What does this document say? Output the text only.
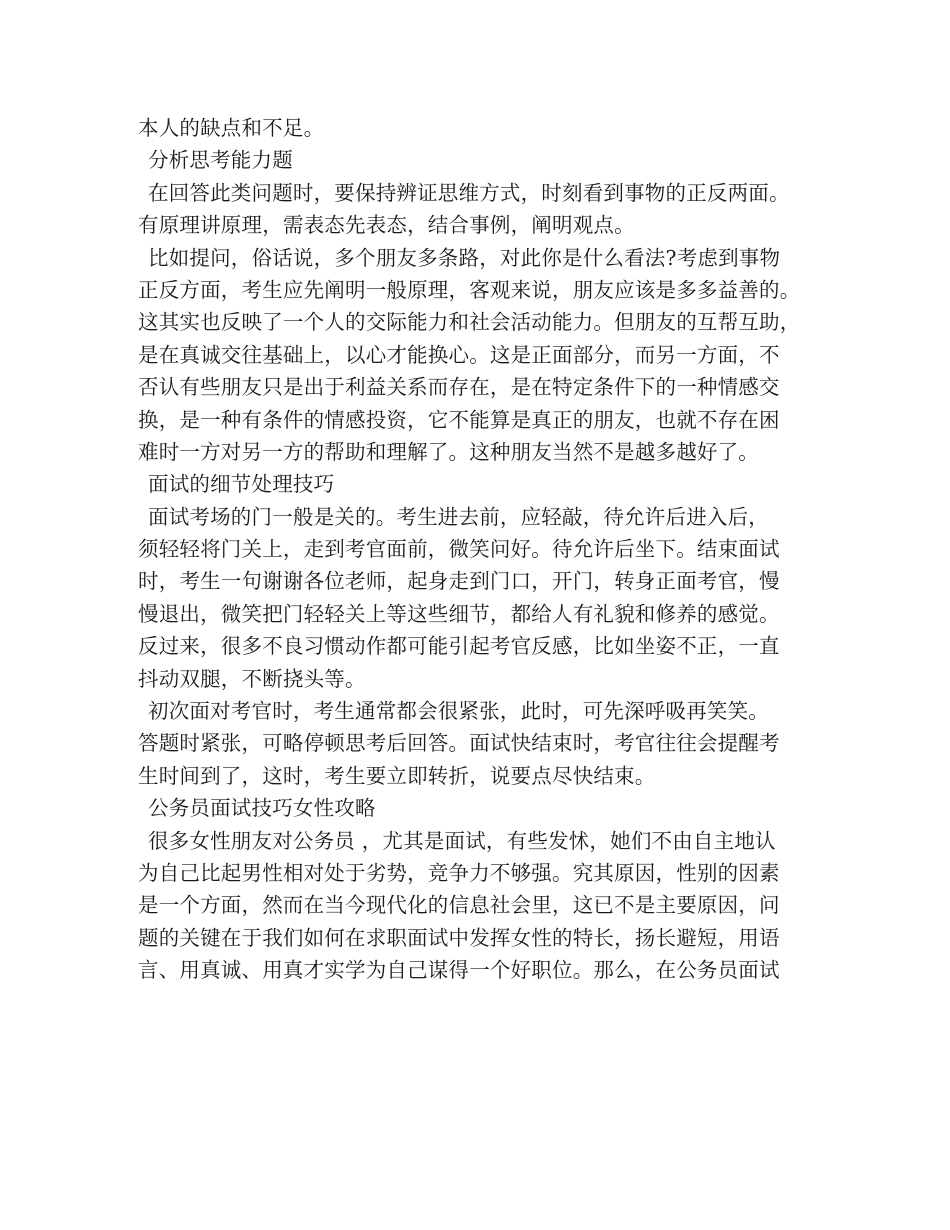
本人的缺点和不足。
分析思考能力题
在回答此类问题时，要保持辨证思维方式，时刻看到事物的正反两面。
有原理讲原理，需表态先表态，结合事例，阐明观点。
比如提问，俗话说，多个朋友多条路，对此你是什么看法?考虑到事物
正反方面，考生应先阐明一般原理，客观来说，朋友应该是多多益善的。
这其实也反映了一个人的交际能力和社会活动能力。但朋友的互帮互助，
是在真诚交往基础上，以心才能换心。这是正面部分，而另一方面，不
否认有些朋友只是出于利益关系而存在，是在特定条件下的一种情感交
换，是一种有条件的情感投资，它不能算是真正的朋友，也就不存在困
难时一方对另一方的帮助和理解了。这种朋友当然不是越多越好了。
面试的细节处理技巧
面试考场的门一般是关的。考生进去前，应轻敲，待允许后进入后，
须轻轻将门关上，走到考官面前，微笑问好。待允许后坐下。结束面试
时，考生一句谢谢各位老师，起身走到门口，开门，转身正面考官，慢
慢退出，微笑把门轻轻关上等这些细节，都给人有礼貌和修养的感觉。
反过来，很多不良习惯动作都可能引起考官反感，比如坐姿不正，一直
抖动双腿，不断挠头等。
初次面对考官时，考生通常都会很紧张，此时，可先深呼吸再笑笑。
答题时紧张，可略停顿思考后回答。面试快结束时，考官往往会提醒考
生时间到了，这时，考生要立即转折，说要点尽快结束。
公务员面试技巧女性攻略
很多女性朋友对公务员 ，尤其是面试，有些发怵，她们不由自主地认
为自己比起男性相对处于劣势，竞争力不够强。究其原因，性别的因素
是一个方面，然而在当今现代化的信息社会里，这已不是主要原因，问
题的关键在于我们如何在求职面试中发挥女性的特长，扬长避短，用语
言、用真诚、用真才实学为自己谋得一个好职位。那么，在公务员面试
